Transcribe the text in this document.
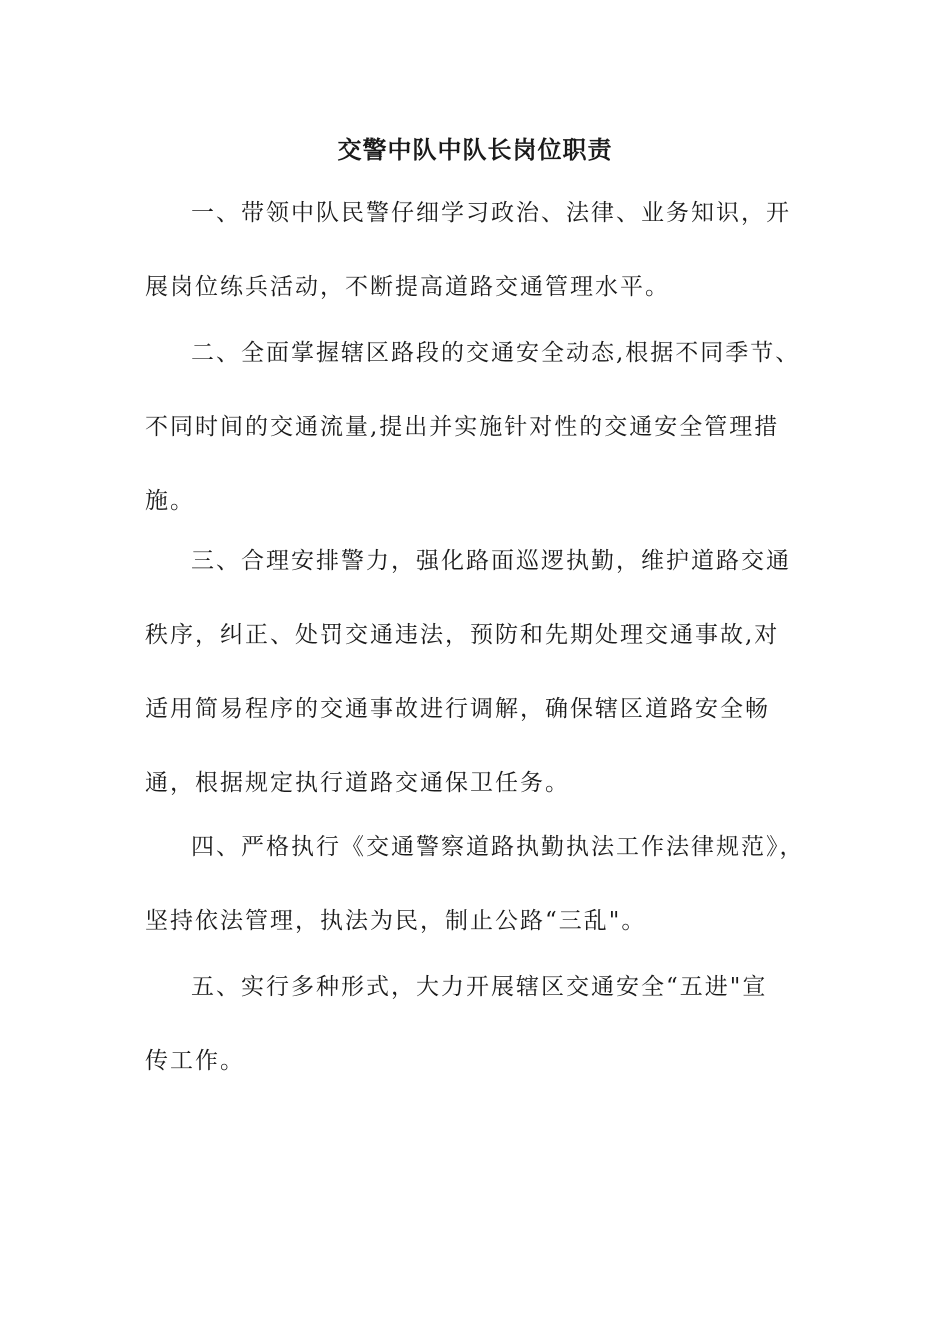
交警中队中队长岗位职责
一、带领中队民警仔细学习政治、法律、业务知识，开
展岗位练兵活动，不断提高道路交通管理水平。
二、全面掌握辖区路段的交通安全动态,根据不同季节、
不同时间的交通流量,提出并实施针对性的交通安全管理措
施。
三、合理安排警力，强化路面巡逻执勤，维护道路交通
秩序，纠正、处罚交通违法，预防和先期处理交通事故,对
适用简易程序的交通事故进行调解，确保辖区道路安全畅
通，根据规定执行道路交通保卫任务。
四、严格执行《交通警察道路执勤执法工作法律规范》，
坚持依法管理，执法为民，制止公路“三乱"。
五、实行多种形式，大力开展辖区交通安全“五进"宣
传工作。
